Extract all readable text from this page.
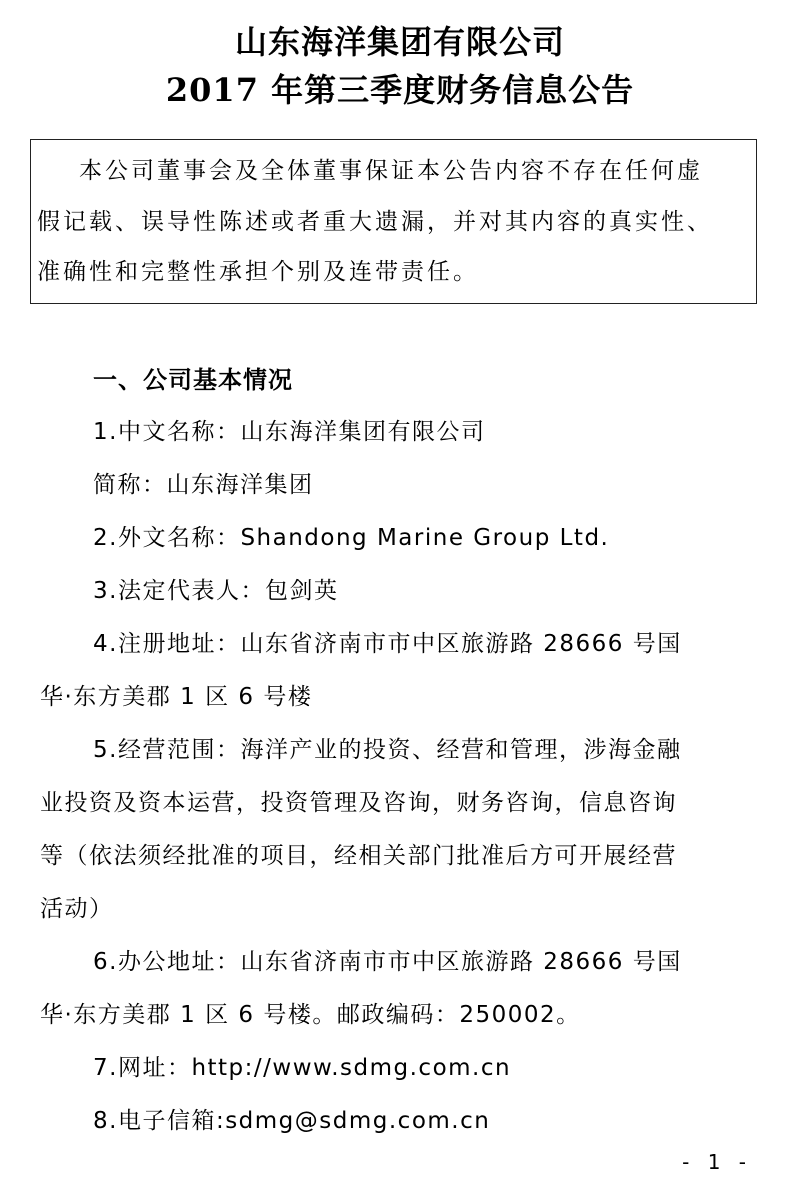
山东海洋集团有限公司
2017 年第三季度财务信息公告
本公司董事会及全体董事保证本公告内容不存在任何虚
假记载、误导性陈述或者重大遗漏，并对其内容的真实性、
准确性和完整性承担个别及连带责任。
一、公司基本情况
1.中文名称：山东海洋集团有限公司
简称：山东海洋集团
2.外文名称：Shandong Marine Group Ltd.
3.法定代表人：包剑英
4.注册地址：山东省济南市市中区旅游路 28666 号国
华·东方美郡 1 区 6 号楼
5.经营范围：海洋产业的投资、经营和管理，涉海金融
业投资及资本运营，投资管理及咨询，财务咨询，信息咨询
等（依法须经批准的项目，经相关部门批准后方可开展经营
活动）
6.办公地址：山东省济南市市中区旅游路 28666 号国
华·东方美郡 1 区 6 号楼。邮政编码：250002。
7.网址：http://www.sdmg.com.cn
8.电子信箱:sdmg@sdmg.com.cn
- 1 -
